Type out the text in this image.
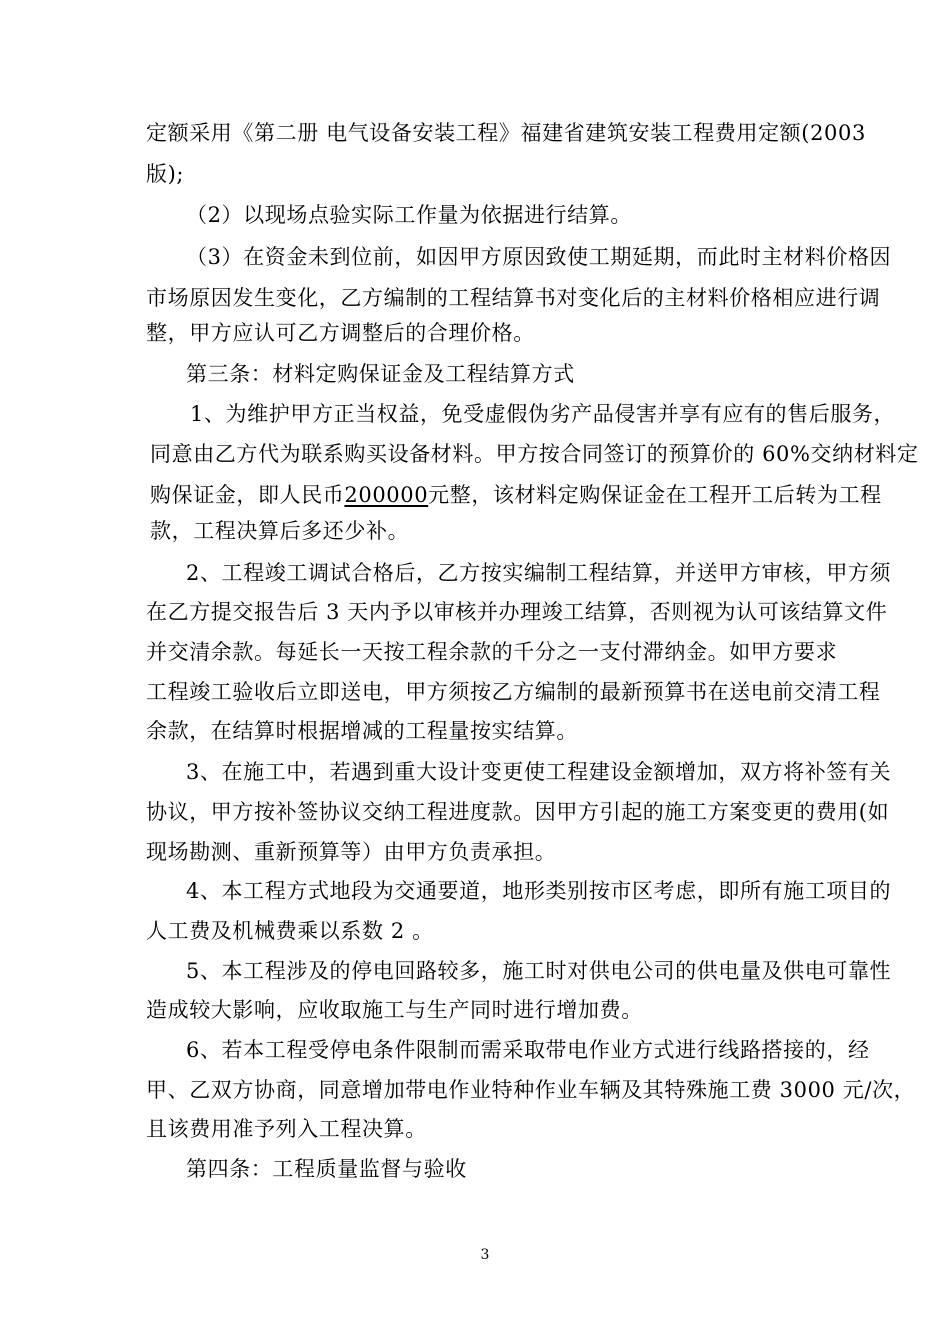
定额采用《第二册 电气设备安装工程》福建省建筑安装工程费用定额(2003
版);
（2）以现场点验实际工作量为依据进行结算。
（3）在资金未到位前，如因甲方原因致使工期延期，而此时主材料价格因
市场原因发生变化，乙方编制的工程结算书对变化后的主材料价格相应进行调
整，甲方应认可乙方调整后的合理价格。
第三条：材料定购保证金及工程结算方式
1、为维护甲方正当权益，免受虚假伪劣产品侵害并享有应有的售后服务，
同意由乙方代为联系购买设备材料。甲方按合同签订的预算价的 60%交纳材料定
购保证金，即人民币200000元整，该材料定购保证金在工程开工后转为工程
款，工程决算后多还少补。
2、工程竣工调试合格后，乙方按实编制工程结算，并送甲方审核，甲方须
在乙方提交报告后 3 天内予以审核并办理竣工结算，否则视为认可该结算文件
并交清余款。每延长一天按工程余款的千分之一支付滞纳金。如甲方要求
工程竣工验收后立即送电，甲方须按乙方编制的最新预算书在送电前交清工程
余款，在结算时根据增减的工程量按实结算。
3、在施工中，若遇到重大设计变更使工程建设金额增加，双方将补签有关
协议，甲方按补签协议交纳工程进度款。因甲方引起的施工方案变更的费用(如
现场勘测、重新预算等）由甲方负责承担。
4、本工程方式地段为交通要道，地形类别按市区考虑，即所有施工项目的
人工费及机械费乘以系数 2 。
5、本工程涉及的停电回路较多，施工时对供电公司的供电量及供电可靠性
造成较大影响，应收取施工与生产同时进行增加费。
6、若本工程受停电条件限制而需采取带电作业方式进行线路搭接的，经
甲、乙双方协商，同意增加带电作业特种作业车辆及其特殊施工费 3000 元/次，
且该费用准予列入工程决算。
第四条：工程质量监督与验收
3
